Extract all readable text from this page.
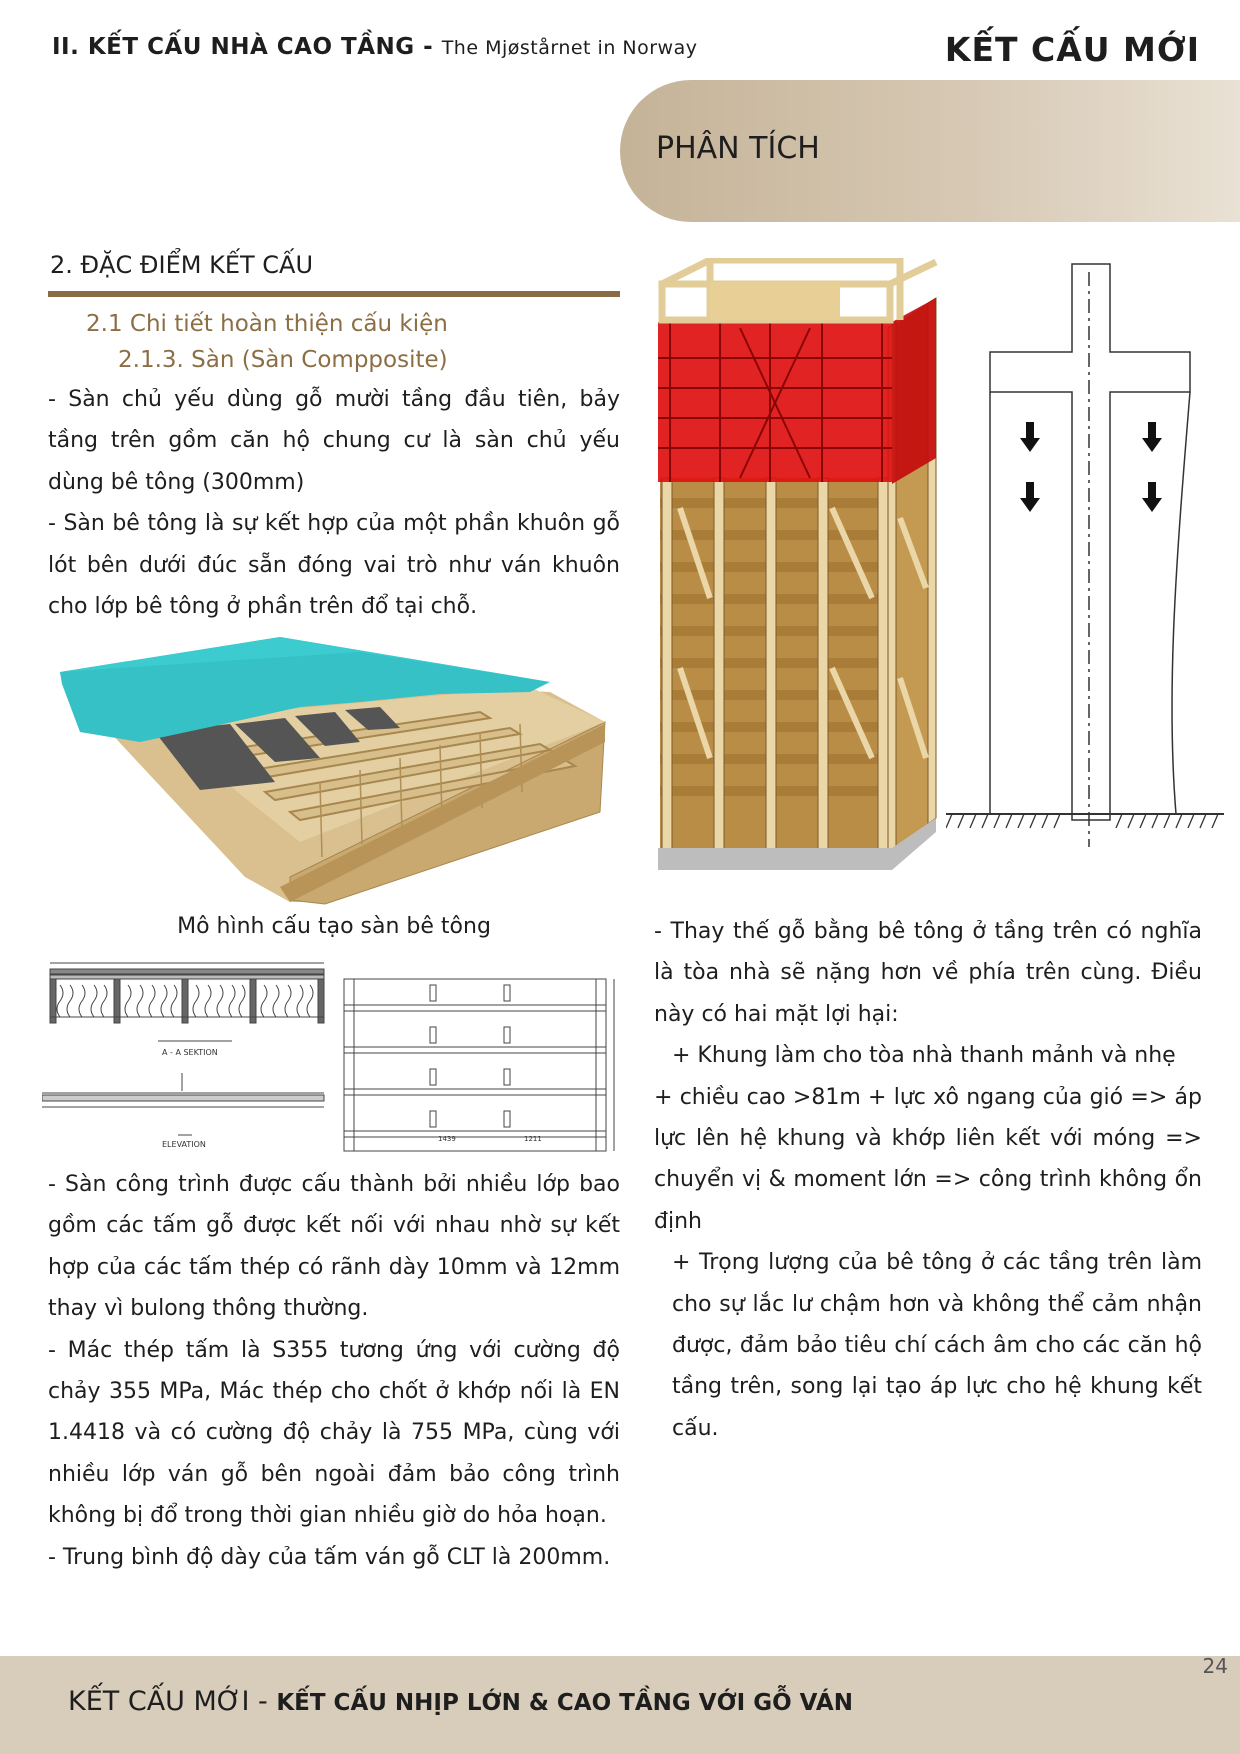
II. KẾT CẤU NHÀ CAO TẦNG - The Mjøstårnet in Norway	KẾT CẤU MỚI
PHÂN TÍCH
2. ĐẶC ĐIỂM KẾT CẤU
2.1 Chi tiết hoàn thiện cấu kiện
2.1.3. Sàn (Sàn Compposite)

- Sàn chủ yếu dùng gỗ mười tầng đầu tiên, bảy tầng trên gồm căn hộ chung cư là sàn chủ yếu dùng bê tông (300mm)

- Sàn bê tông là sự kết hợp của một phần khuôn gỗ lót bên dưới đúc sẵn đóng vai trò như ván khuôn cho lớp bê tông ở phần trên đổ tại chỗ.

Mô hình cấu tạo sàn bê tông
A - A SEKTION
ELEVATION
1439	1211

- Sàn công trình được cấu thành bởi nhiều lớp bao gồm các tấm gỗ được kết nối với nhau nhờ sự kết hợp của các tấm thép có rãnh dày 10mm và 12mm thay vì bulong thông thường.

- Mác thép tấm là S355 tương ứng với cường độ chảy 355 MPa, Mác thép cho chốt ở khớp nối là EN 1.4418 và có cường độ chảy là 755 MPa, cùng với nhiều lớp ván gỗ bên ngoài đảm bảo công trình không bị đổ trong thời gian nhiều giờ do hỏa hoạn.

- Trung bình độ dày của tấm ván gỗ CLT là 200mm.

- Thay thế gỗ bằng bê tông ở tầng trên có nghĩa là tòa nhà sẽ nặng hơn về phía trên cùng. Điều này có hai mặt lợi hại:

+ Khung làm cho tòa nhà thanh mảnh và nhẹ

+ chiều cao >81m + lực xô ngang của gió => áp lực lên hệ khung và khớp liên kết với móng => chuyển vị & moment lớn => công trình không ổn định

+ Trọng lượng của bê tông ở các tầng trên làm cho sự lắc lư chậm hơn và không thể cảm nhận được, đảm bảo tiêu chí cách âm cho các căn hộ tầng trên, song lại tạo áp lực cho hệ khung kết cấu.

24
KẾT CẤU MỚI - KẾT CẤU NHỊP LỚN & CAO TẦNG VỚI GỖ VÁN
